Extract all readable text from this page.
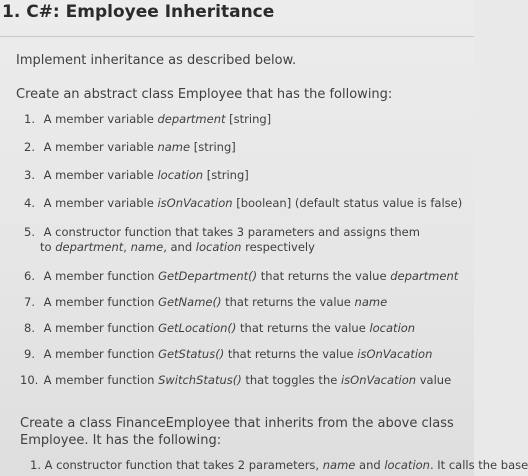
1. C#: Employee Inheritance
Implement inheritance as described below.
Create an abstract class Employee that has the following:
1. A member variable department [string]
2. A member variable name [string]
3. A member variable location [string]
4. A member variable isOnVacation [boolean] (default status value is false)
5. A constructor function that takes 3 parameters and assigns them
to department, name, and location respectively
6. A member function GetDepartment() that returns the value department
7. A member function GetName() that returns the value name
8. A member function GetLocation() that returns the value location
9. A member function GetStatus() that returns the value isOnVacation
10. A member function SwitchStatus() that toggles the isOnVacation value
Create a class FinanceEmployee that inherits from the above class Employee. It has the following:
1. A constructor function that takes 2 parameters, name and location. It calls the base
